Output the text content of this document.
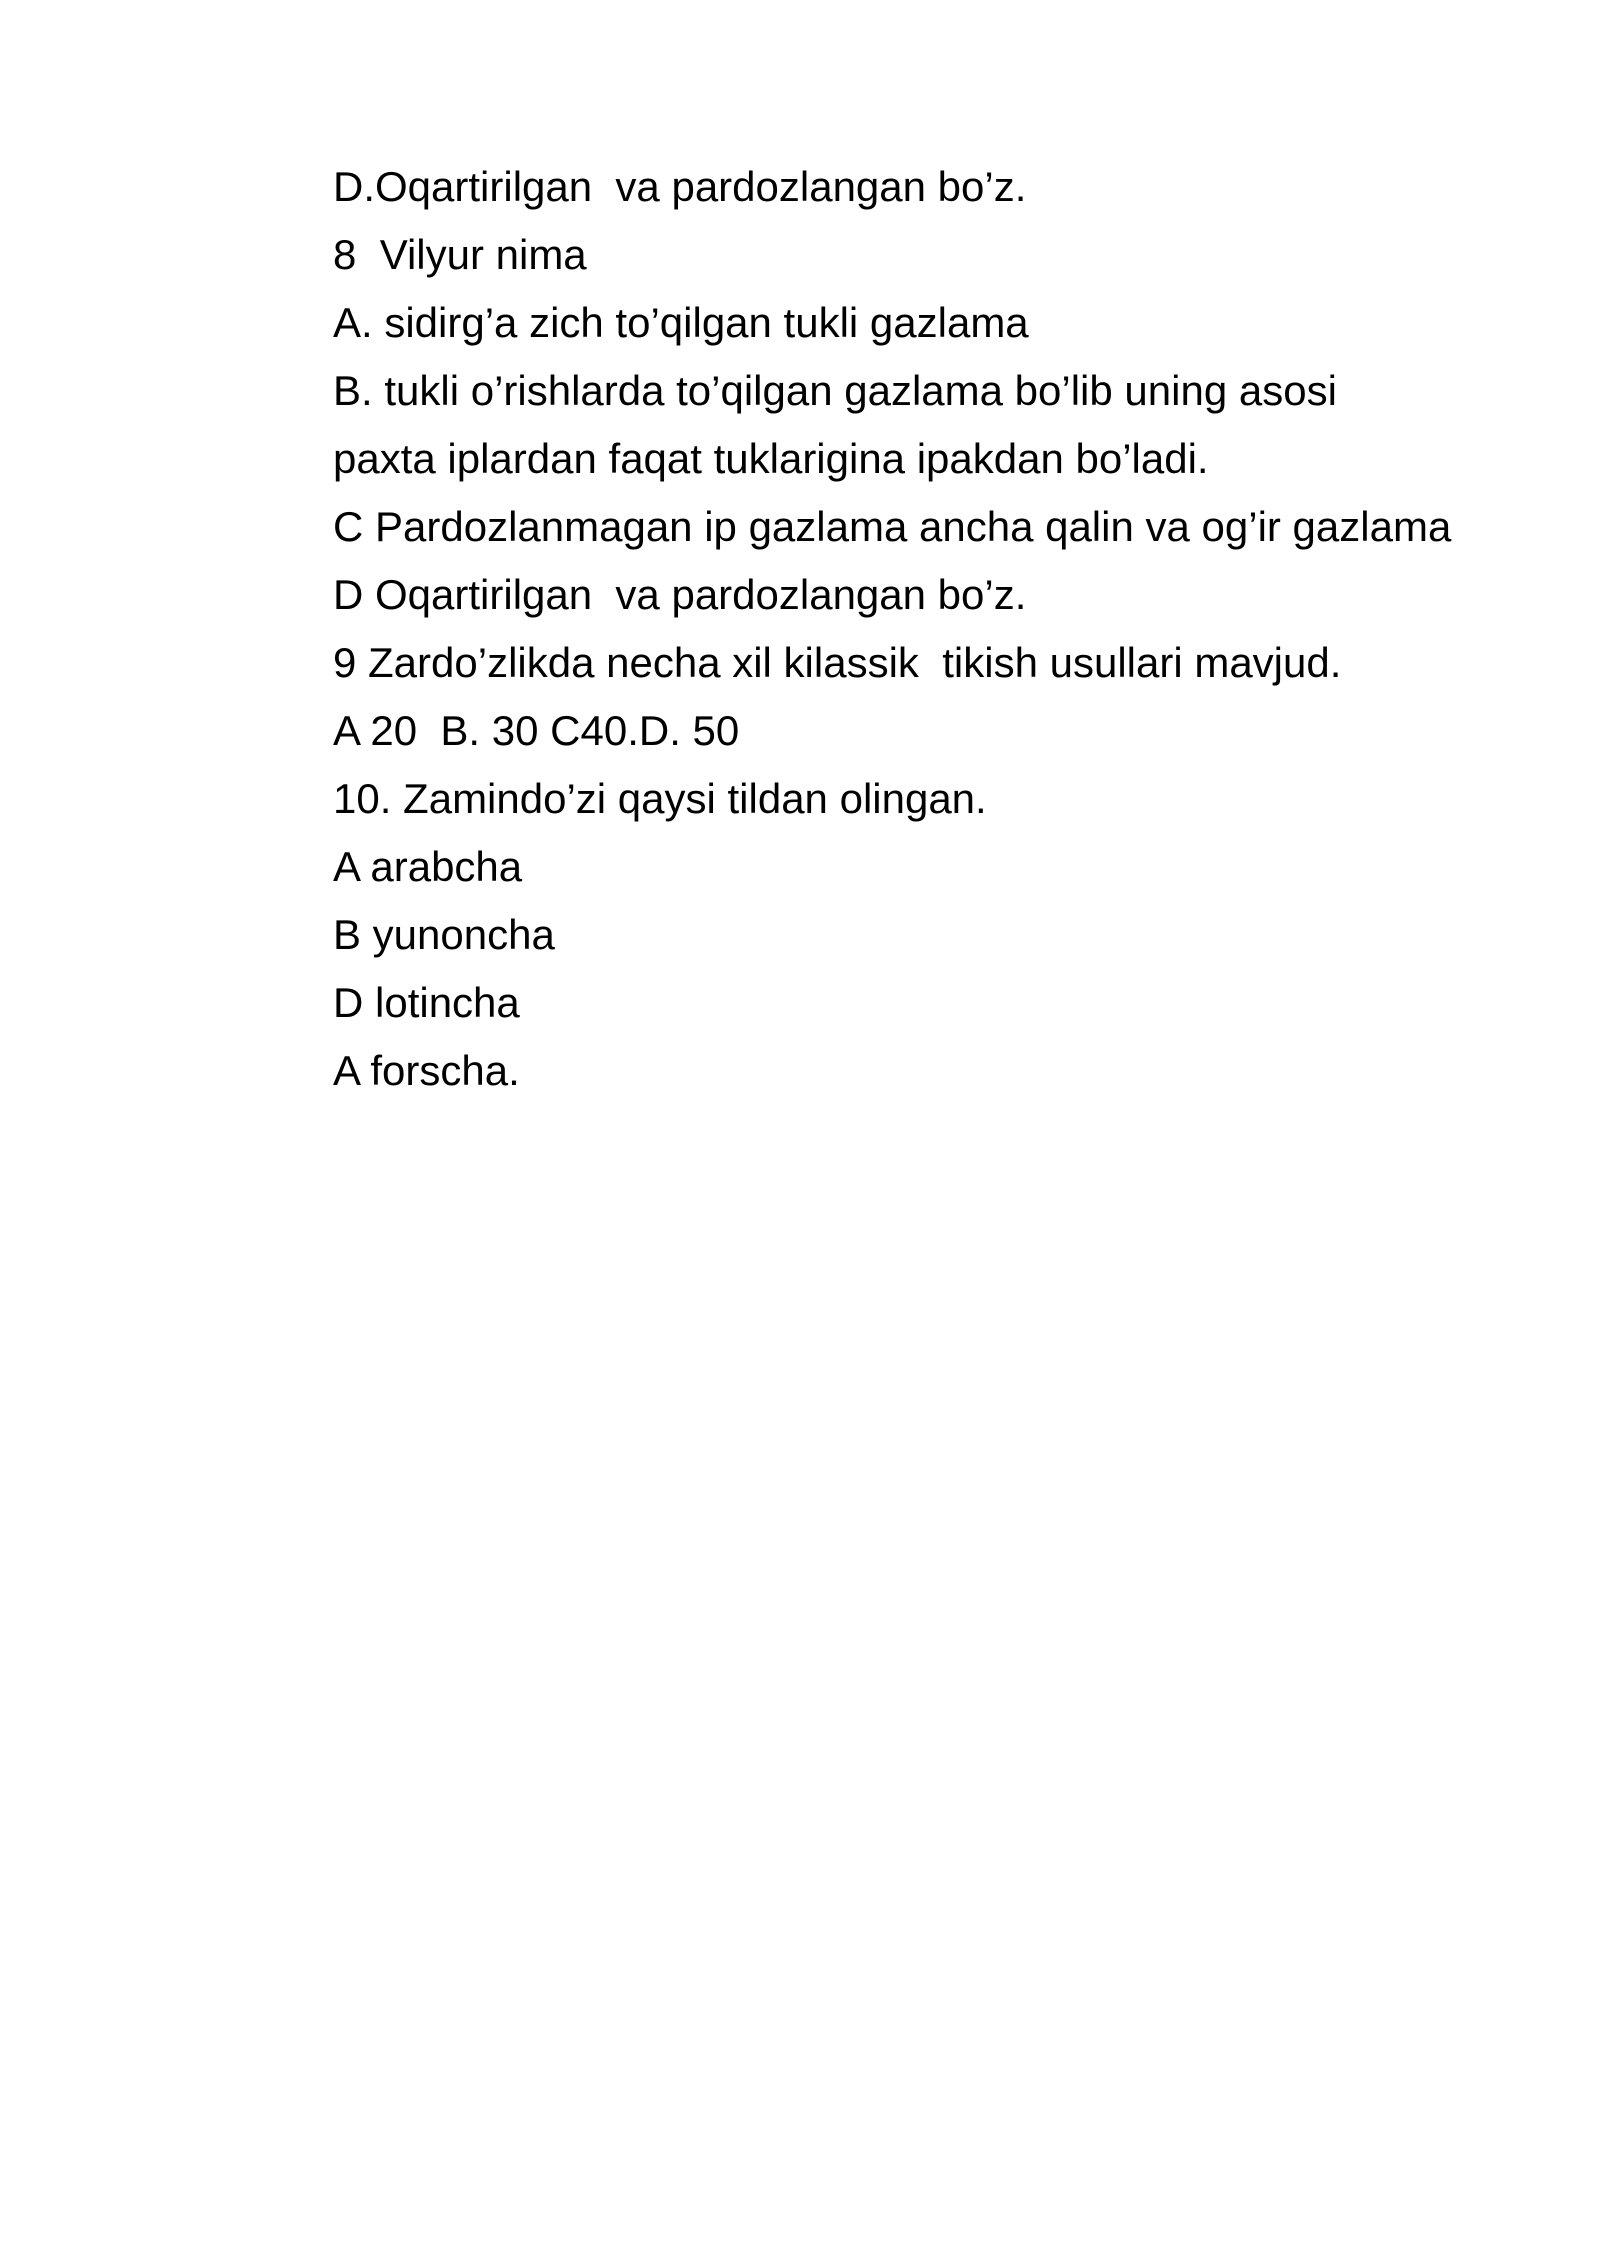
D.Oqartirilgan  va pardozlangan bo’z.
8  Vilyur nima
A. sidirg’a zich to’qilgan tukli gazlama
B. tukli o’rishlarda to’qilgan gazlama bo’lib uning asosi
paxta iplardan faqat tuklarigina ipakdan bo’ladi.
C Pardozlanmagan ip gazlama ancha qalin va og’ir gazlama
D Oqartirilgan  va pardozlangan bo’z.
9 Zardo’zlikda necha xil kilassik  tikish usullari mavjud.
A 20  B. 30 C40.D. 50
10. Zamindo’zi qaysi tildan olingan.
A arabcha
B yunoncha
D lotincha
A forscha.
